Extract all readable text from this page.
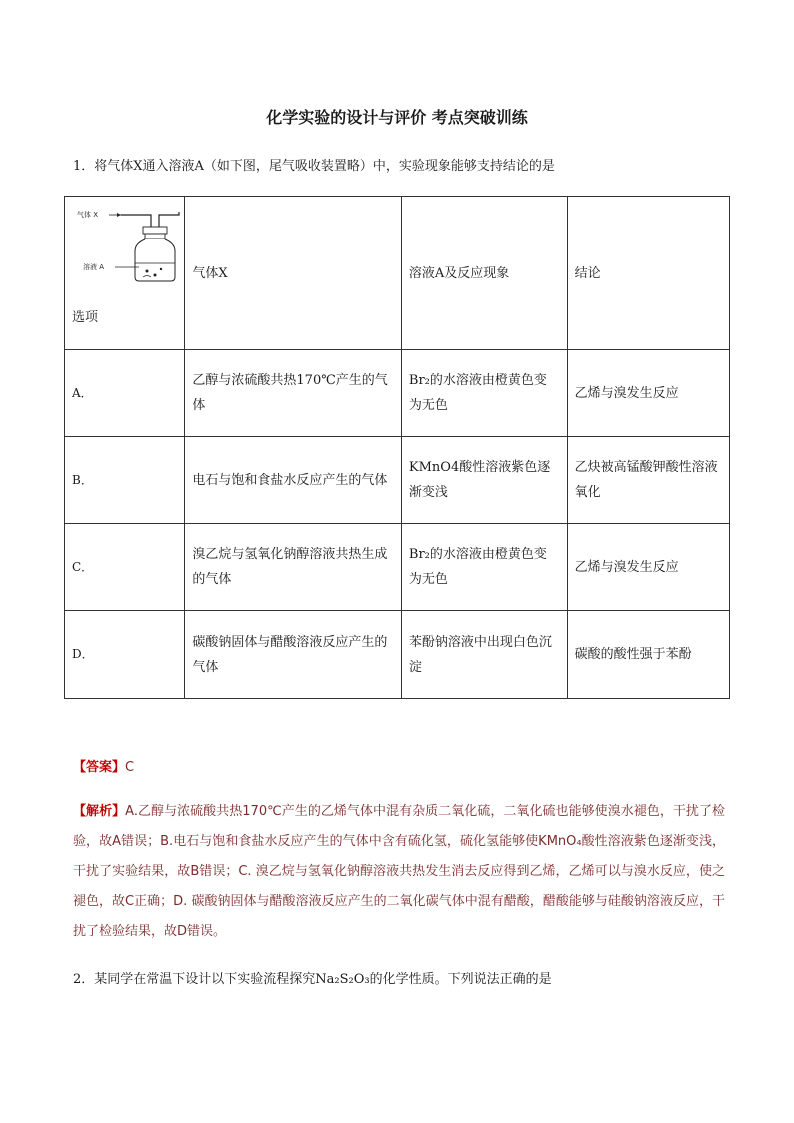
化学实验的设计与评价 考点突破训练
1．将气体X通入溶液A（如下图，尾气吸收装置略）中，实验现象能够支持结论的是
气体 X
溶液 A
选项	气体X	溶液A及反应现象	结论
A．	乙醇与浓硫酸共热170℃产生的气体	Br₂的水溶液由橙黄色变为无色	乙烯与溴发生反应
B．	电石与饱和食盐水反应产生的气体	KMnO4酸性溶液紫色逐渐变浅	乙炔被高锰酸钾酸性溶液氧化
C．	溴乙烷与氢氧化钠醇溶液共热生成的气体	Br₂的水溶液由橙黄色变为无色	乙烯与溴发生反应
D．	碳酸钠固体与醋酸溶液反应产生的气体	苯酚钠溶液中出现白色沉淀	碳酸的酸性强于苯酚
【答案】C
【解析】A.乙醇与浓硫酸共热170℃产生的乙烯气体中混有杂质二氧化硫，二氧化硫也能够使溴水褪色，干扰了检验，故A错误；B.电石与饱和食盐水反应产生的气体中含有硫化氢，硫化氢能够使KMnO₄酸性溶液紫色逐渐变浅，干扰了实验结果，故B错误；C. 溴乙烷与氢氧化钠醇溶液共热发生消去反应得到乙烯，乙烯可以与溴水反应，使之褪色，故C正确；D. 碳酸钠固体与醋酸溶液反应产生的二氧化碳气体中混有醋酸，醋酸能够与硅酸钠溶液反应，干扰了检验结果，故D错误。
2．某同学在常温下设计以下实验流程探究Na₂S₂O₃的化学性质。下列说法正确的是
